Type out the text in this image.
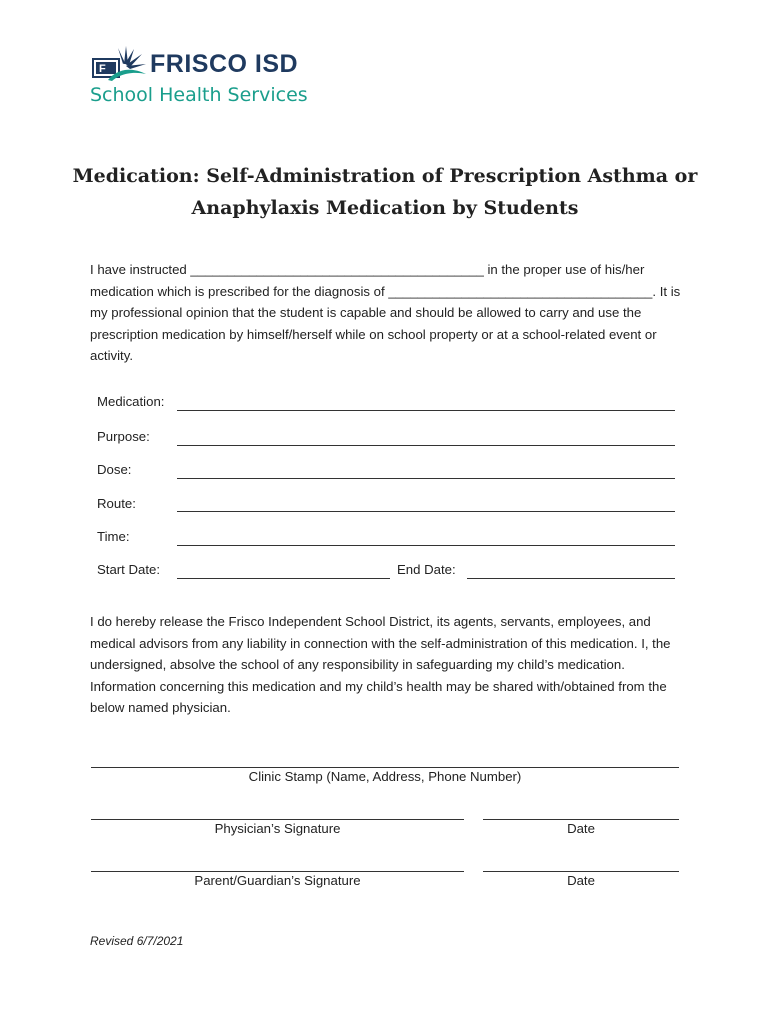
F FRISCO ISD
School Health Services
Medication: Self-Administration of Prescription Asthma or
Anaphylaxis Medication by Students
I have instructed ________________________________________ in the proper use of his/her medication which is prescribed for the diagnosis of ____________________________________. It is my professional opinion that the student is capable and should be allowed to carry and use the prescription medication by himself/herself while on school property or at a school-related event or activity.
Medication:
Purpose:
Dose:
Route:
Time:
Start Date:	End Date:
I do hereby release the Frisco Independent School District, its agents, servants, employees, and medical advisors from any liability in connection with the self-administration of this medication. I, the undersigned, absolve the school of any responsibility in safeguarding my child’s medication. Information concerning this medication and my child’s health may be shared with/obtained from the below named physician.
Clinic Stamp (Name, Address, Phone Number)
Physician’s Signature	Date
Parent/Guardian’s Signature	Date
Revised 6/7/2021
